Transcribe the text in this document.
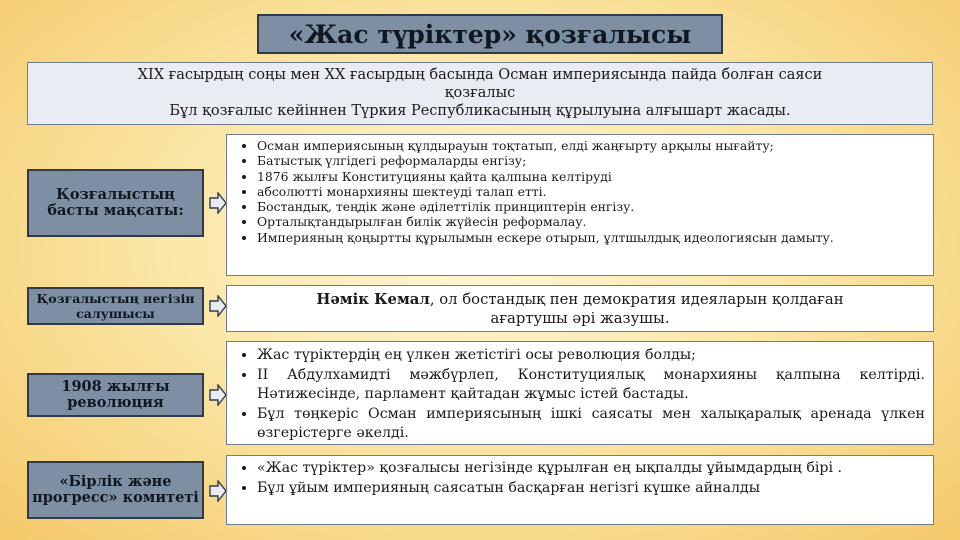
«Жас түріктер» қозғалысы
XIX ғасырдың соңы мен XX ғасырдың басында Осман империясында пайда болған саяси
қозғалыс
Бұл қозғалыс кейіннен Түркия Республикасының құрылуына алғышарт жасады.
Қозғалыстың басты мақсаты:
• Осман империясының құлдырауын тоқтатып, елді жаңғырту арқылы нығайту;
• Батыстық үлгідегі реформаларды енгізу;
• 1876 жылғы Конституцияны қайта қалпына келтіруді
• абсолютті монархияны шектеуді талап етті.
• Бостандық, теңдік және әділеттілік принциптерін енгізу.
• Орталықтандырылған билік жүйесін реформалау.
• Империяның қоңыртты құрылымын ескере отырып, ұлтшылдық идеологиясын дамыту.
Қозғалыстың негізін салушысы
Нәмік Кемал, ол бостандық пен демократия идеяларын қолдаған ағартушы әрі жазушы.
1908 жылғы революция
• Жас түріктердің ең үлкен жетістігі осы революция болды;
• II Абдулхамидті мәжбүрлеп, Конституциялық монархияны қалпына келтірді. Нәтижесінде, парламент қайтадан жұмыс істей бастады.
• Бұл төңкеріс Осман империясының ішкі саясаты мен халықаралық аренада үлкен өзгерістерге әкелді.
«Бірлік және прогресс» комитеті
• «Жас түріктер» қозғалысы негізінде құрылған ең ықпалды ұйымдардың бірі .
• Бұл ұйым империяның саясатын басқарған негізгі күшке айналды
